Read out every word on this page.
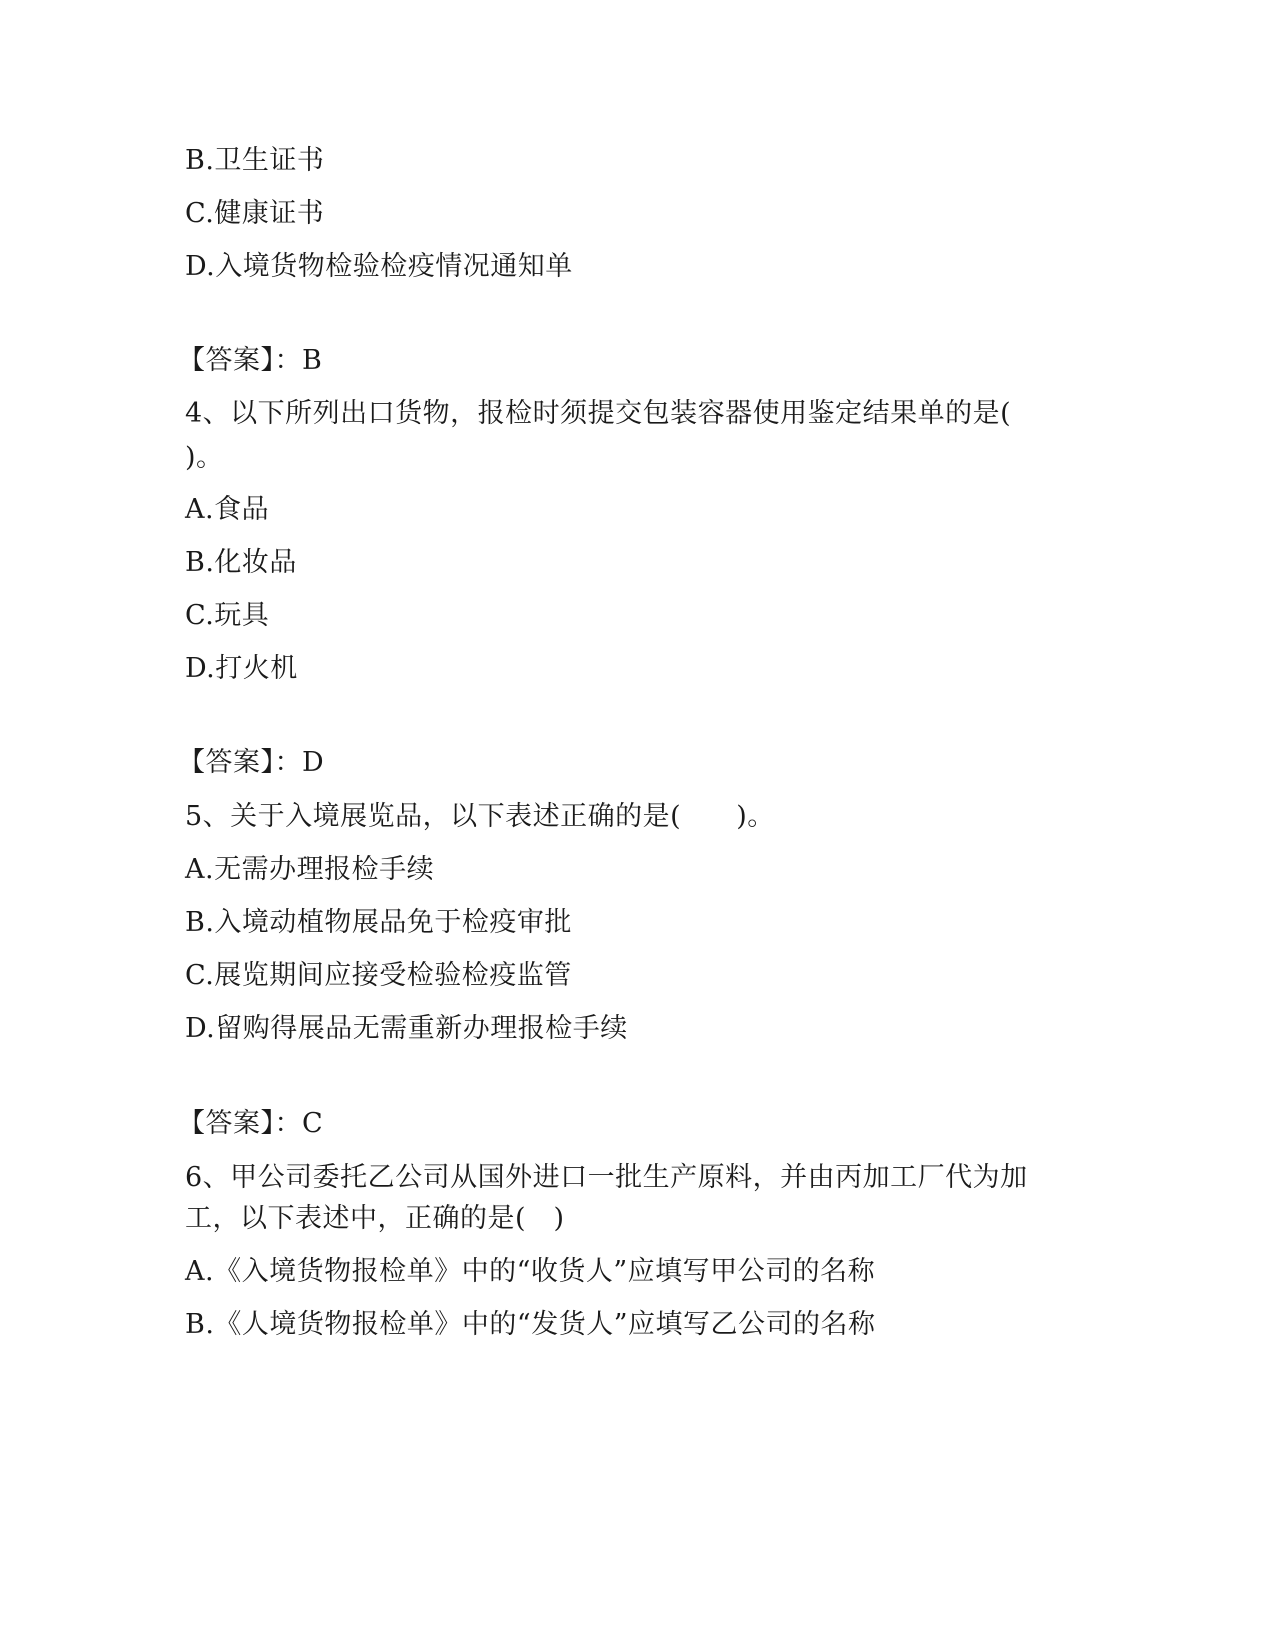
B.卫生证书
C.健康证书
D.入境货物检验检疫情况通知单
【答案】：B
4、以下所列出口货物，报检时须提交包装容器使用鉴定结果单的是(
)。
A.食品
B.化妆品
C.玩具
D.打火机
【答案】：D
5、关于入境展览品，以下表述正确的是(　　)。
A.无需办理报检手续
B.入境动植物展品免于检疫审批
C.展览期间应接受检验检疫监管
D.留购得展品无需重新办理报检手续
【答案】：C
6、甲公司委托乙公司从国外进口一批生产原料，并由丙加工厂代为加
工，以下表述中，正确的是(　)
A.《入境货物报检单》中的“收货人”应填写甲公司的名称
B.《人境货物报检单》中的“发货人”应填写乙公司的名称
